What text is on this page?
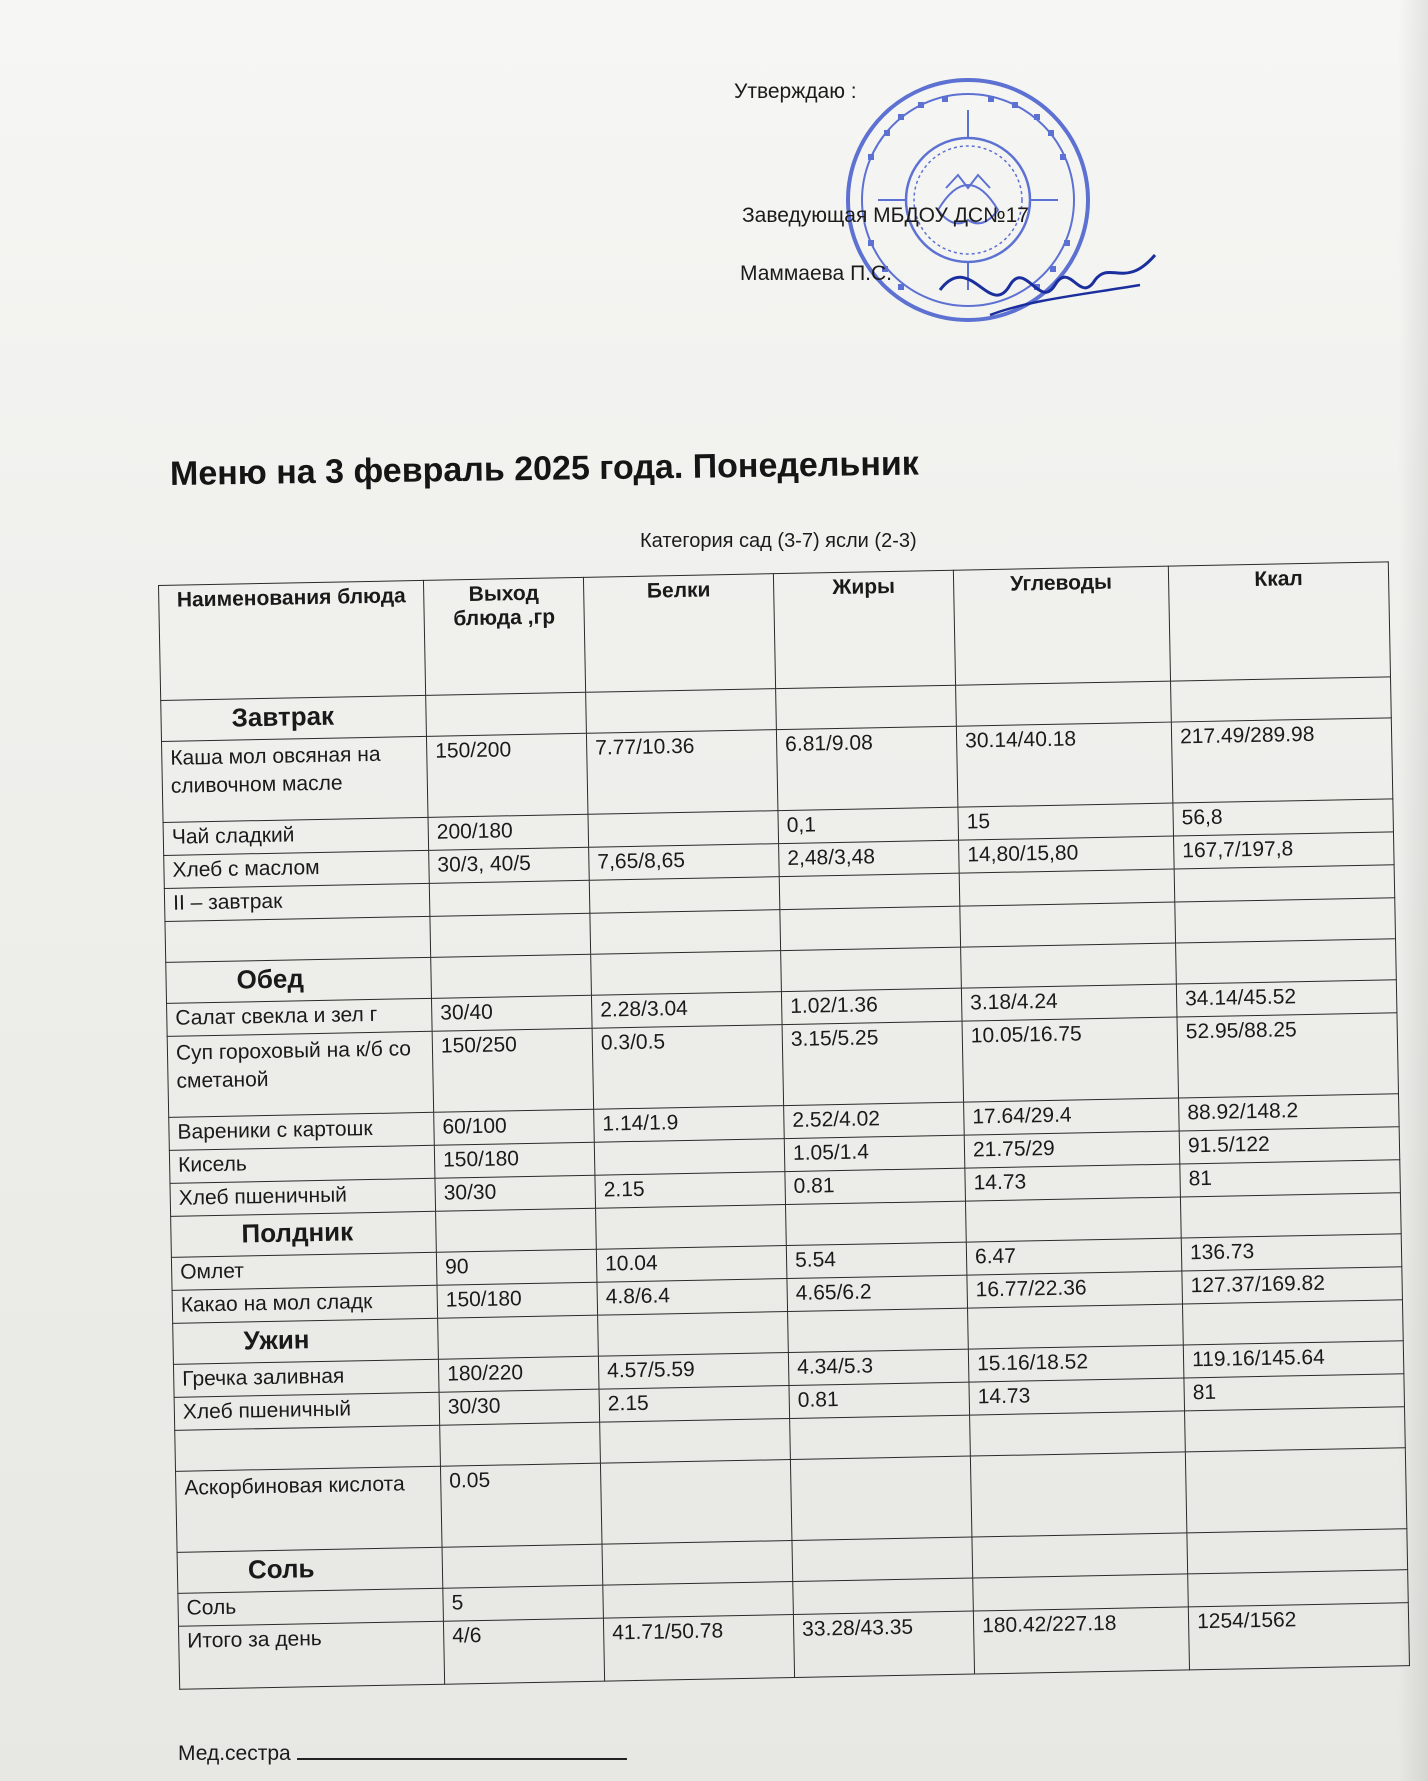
Утверждаю :
Заведующая МБДОУ ДС№17
Маммаева П.С.
Меню на 3 февраль 2025 года. Понедельник
Категория сад (3-7) ясли (2-3)
Наименования блюда	Выход блюда ,гр	Белки	Жиры	Углеводы	Ккал
Завтрак					
Каша мол овсяная на сливочном масле	150/200	7.77/10.36	6.81/9.08	30.14/40.18	217.49/289.98
Чай сладкий	200/180		0,1	15	56,8
Хлеб с маслом	30/3, 40/5	7,65/8,65	2,48/3,48	14,80/15,80	167,7/197,8
II – завтрак					

Обед					
Салат свекла и зел г	30/40	2.28/3.04	1.02/1.36	3.18/4.24	34.14/45.52
Суп гороховый на к/б со сметаной	150/250	0.3/0.5	3.15/5.25	10.05/16.75	52.95/88.25
Вареники с картошк	60/100	1.14/1.9	2.52/4.02	17.64/29.4	88.92/148.2
Кисель	150/180		1.05/1.4	21.75/29	91.5/122
Хлеб пшеничный	30/30	2.15	0.81	14.73	81
Полдник					
Омлет	90	10.04	5.54	6.47	136.73
Какао на мол сладк	150/180	4.8/6.4	4.65/6.2	16.77/22.36	127.37/169.82
Ужин					
Гречка заливная	180/220	4.57/5.59	4.34/5.3	15.16/18.52	119.16/145.64
Хлеб пшеничный	30/30	2.15	0.81	14.73	81

Аскорбиновая кислота	0.05				
Соль					
Соль	5				
Итого за день	4/6	41.71/50.78	33.28/43.35	180.42/227.18	1254/1562
Мед.сестра
